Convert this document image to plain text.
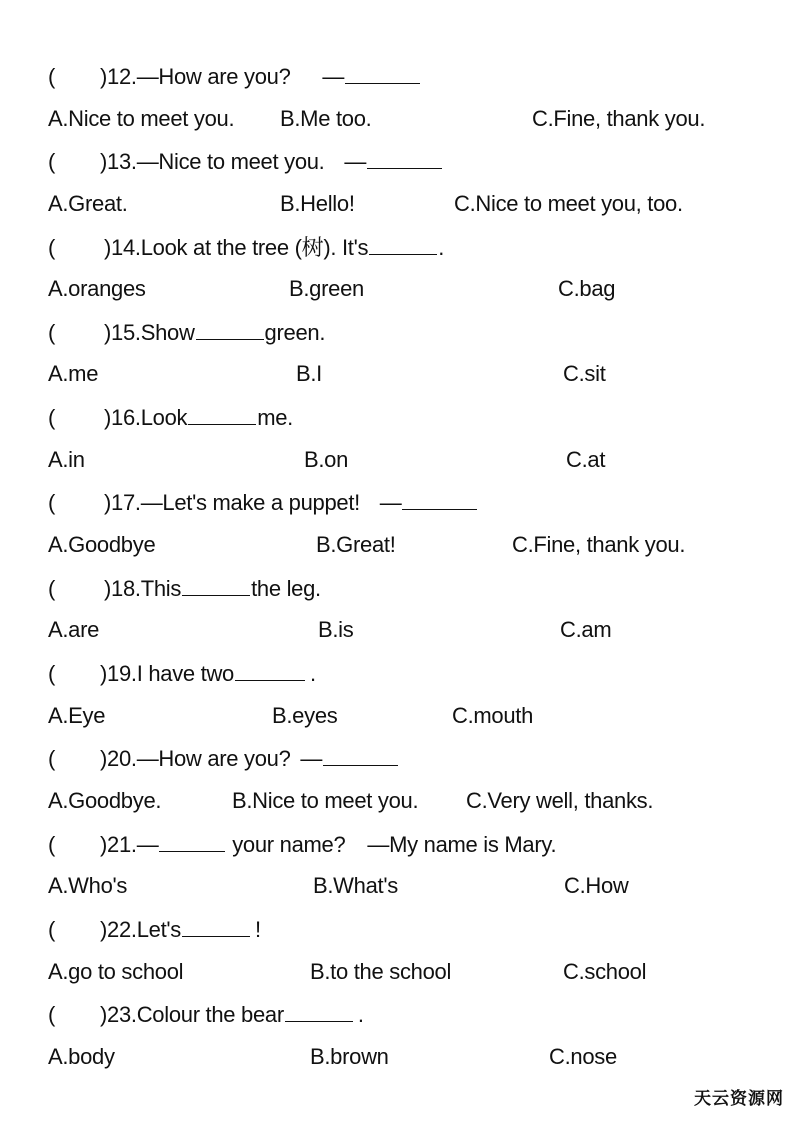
( )12.—How are you? —
A.Nice to meet you. B.Me too.	C.Fine, thank you.
( )13.—Nice to meet you. —
A.Great.	B.Hello!	C.Nice to meet you, too.
( )14.Look at the tree (树). It's	.
A.oranges	B.green	C.bag
( )15.Show	green.
A.me	B.I	C.sit
( )16.Look	me.
A.in	B.on	C.at
( )17.—Let's make a puppet! —
A.Goodbye	B.Great!	C.Fine, thank you.
( )18.This	the leg.
A.are	B.is	C.am
( )19.I have two	.
A.Eye	B.eyes	C.mouth
( )20.—How are you? —
A.Goodbye.	B.Nice to meet you. C.Very well, thanks.
( )21.—	your name? —My name is Mary.
A.Who's	B.What's	C.How
( )22.Let's	!
A.go to school	B.to the school	C.school
( )23.Colour the bear	.
A.body	B.brown	C.nose
天云资源网
